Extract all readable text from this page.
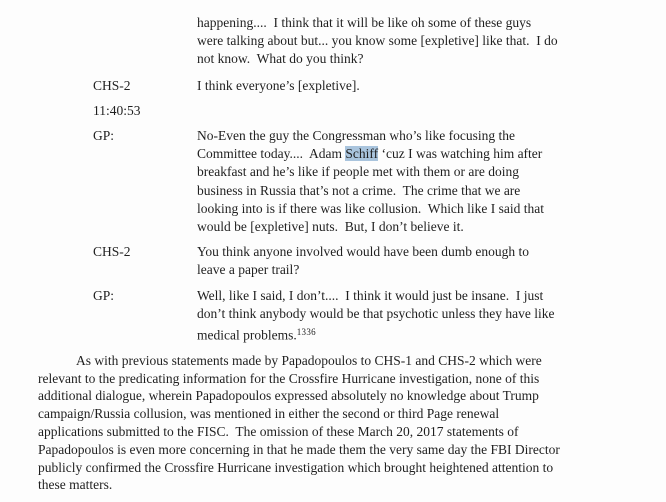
happening....  I think that it will be like oh some of these guys
were talking about but... you know some [expletive] like that.  I do
not know.  What do you think?
CHS-2	I think everyone’s [expletive].
11:40:53
GP:	No-Even the guy the Congressman who’s like focusing the
Committee today....  Adam Schiff ‘cuz I was watching him after
breakfast and he’s like if people met with them or are doing
business in Russia that’s not a crime.  The crime that we are
looking into is if there was like collusion.  Which like I said that
would be [expletive] nuts.  But, I don’t believe it.
CHS-2	You think anyone involved would have been dumb enough to
leave a paper trail?
GP:	Well, like I said, I don’t....  I think it would just be insane.  I just
don’t think anybody would be that psychotic unless they have like
medical problems.$^{1336}$
As with previous statements made by Papadopoulos to CHS-1 and CHS-2 which were
relevant to the predicating information for the Crossfire Hurricane investigation, none of this
additional dialogue, wherein Papadopoulos expressed absolutely no knowledge about Trump
campaign/Russia collusion, was mentioned in either the second or third Page renewal
applications submitted to the FISC.  The omission of these March 20, 2017 statements of
Papadopoulos is even more concerning in that he made them the very same day the FBI Director
publicly confirmed the Crossfire Hurricane investigation which brought heightened attention to
these matters.
